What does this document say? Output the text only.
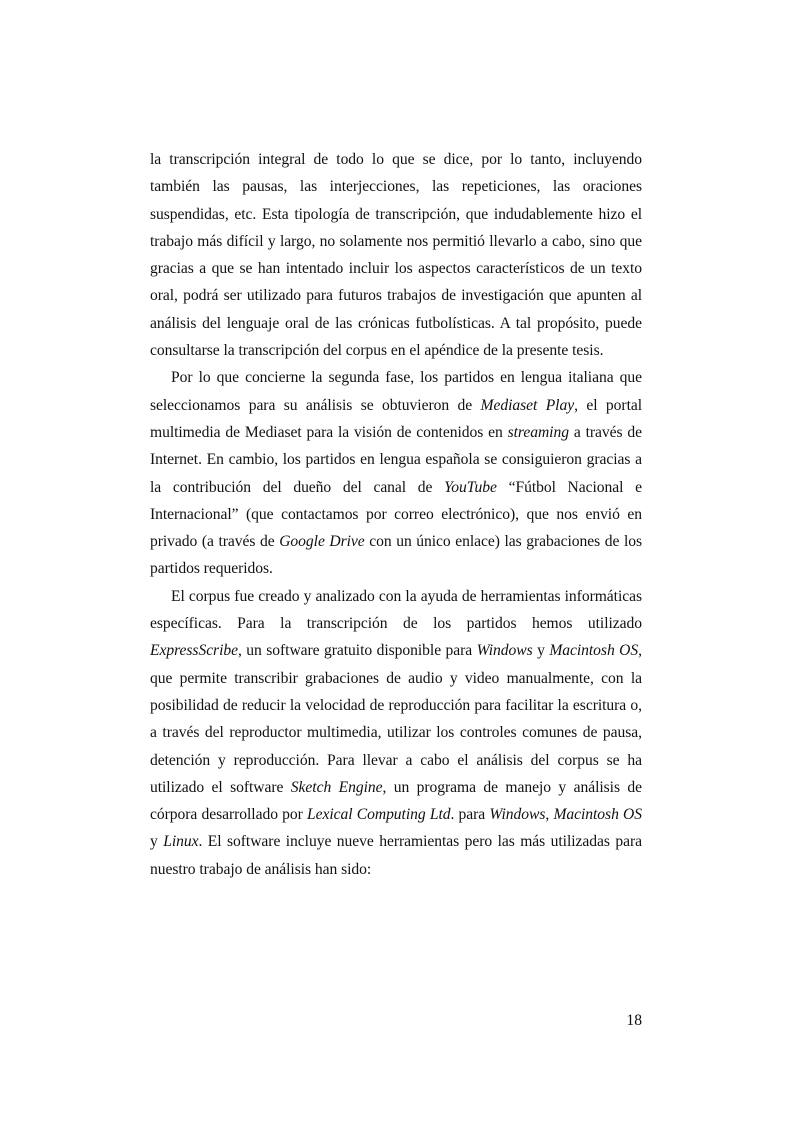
la transcripción integral de todo lo que se dice, por lo tanto, incluyendo también las pausas, las interjecciones, las repeticiones, las oraciones suspendidas, etc. Esta tipología de transcripción, que indudablemente hizo el trabajo más difícil y largo, no solamente nos permitió llevarlo a cabo, sino que gracias a que se han intentado incluir los aspectos característicos de un texto oral, podrá ser utilizado para futuros trabajos de investigación que apunten al análisis del lenguaje oral de las crónicas futbolísticas. A tal propósito, puede consultarse la transcripción del corpus en el apéndice de la presente tesis.

Por lo que concierne la segunda fase, los partidos en lengua italiana que seleccionamos para su análisis se obtuvieron de Mediaset Play, el portal multimedia de Mediaset para la visión de contenidos en streaming a través de Internet. En cambio, los partidos en lengua española se consiguieron gracias a la contribución del dueño del canal de YouTube “Fútbol Nacional e Internacional” (que contactamos por correo electrónico), que nos envió en privado (a través de Google Drive con un único enlace) las grabaciones de los partidos requeridos.

El corpus fue creado y analizado con la ayuda de herramientas informáticas específicas. Para la transcripción de los partidos hemos utilizado ExpressScribe, un software gratuito disponible para Windows y Macintosh OS, que permite transcribir grabaciones de audio y video manualmente, con la posibilidad de reducir la velocidad de reproducción para facilitar la escritura o, a través del reproductor multimedia, utilizar los controles comunes de pausa, detención y reproducción. Para llevar a cabo el análisis del corpus se ha utilizado el software Sketch Engine, un programa de manejo y análisis de córpora desarrollado por Lexical Computing Ltd. para Windows, Macintosh OS y Linux. El software incluye nueve herramientas pero las más utilizadas para nuestro trabajo de análisis han sido:

18
